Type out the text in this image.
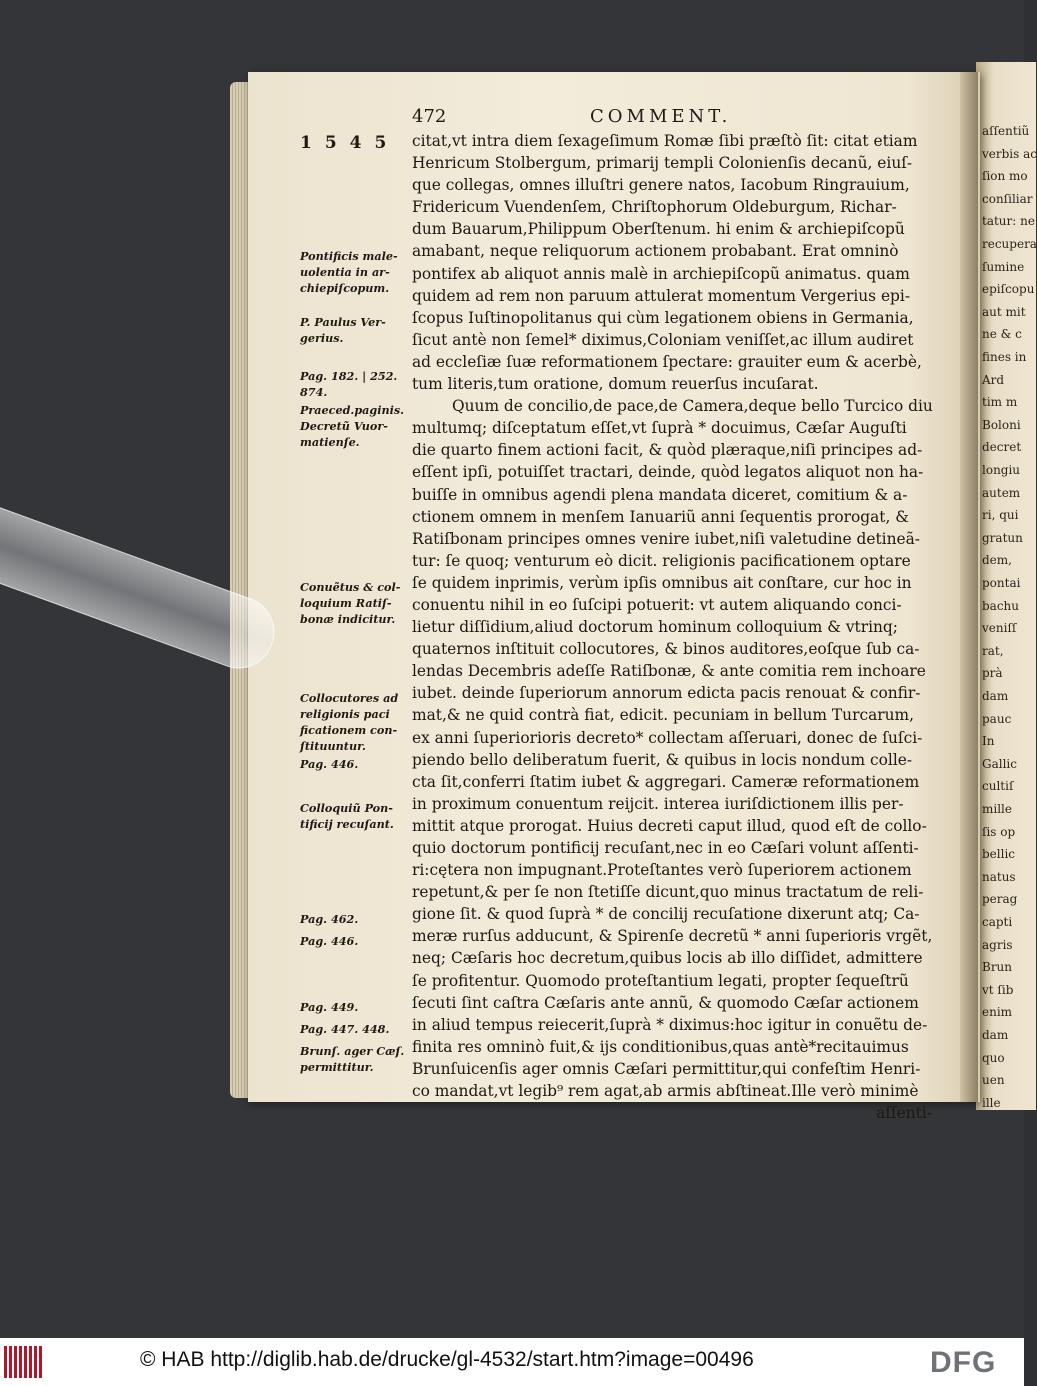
aſſentiũ
verbis ac
ſion mo
conſiliar
tatur: ne
recupera
ſumine
epiſcopu
aut mit
ne & c
fines in
Ard
tim m
Boloni
decret
longiu
autem
ri, qui
gratun
dem,
pontai
bachu
veniſſ
rat,
prà
dam
pauc
In
Gallic
cultiſ
mille
ſis op
bellic
natus
perag
capti
agris
Brun
vt ſib
enim
dam
quo
uen
ille
472	COMMENT.
1545 citat,vt intra diem ſexageſimum Romæ ſibi præſtò ſit: citat etiam
Henricum Stolbergum, primarij templi Colonienſis decanũ, eiuſ-
que collegas, omnes illuſtri genere natos, Iacobum Ringrauium,
Fridericum Vuendenſem, Chriſtophorum Oldeburgum, Richar-
dum Bauarum,Philippum Oberſtenum. hi enim & archiepiſcopũ
amabant, neque reliquorum actionem probabant. Erat omninò
pontifex ab aliquot annis malè in archiepiſcopũ animatus. quam
quidem ad rem non paruum attulerat momentum Vergerius epi-
ſcopus Iuſtinopolitanus qui cùm legationem obiens in Germania,
ſicut antè non ſemel* diximus,Coloniam veniſſet,ac illum audiret
ad eccleſiæ ſuæ reformationem ſpectare: grauiter eum & acerbè,
tum literis,tum oratione, domum reuerſus incuſarat.
Quum de concilio,de pace,de Camera,deque bello Turcico diu
multumq; diſceptatum eſſet,vt ſuprà * docuimus, Cæſar Auguſti
die quarto finem actioni facit, & quòd plæraque,niſi principes ad-
eſſent ipſi, potuiſſet tractari, deinde, quòd legatos aliquot non ha-
buiſſe in omnibus agendi plena mandata diceret, comitium & a-
ctionem omnem in menſem Ianuariũ anni ſequentis prorogat, &
Ratiſbonam principes omnes venire iubet,niſi valetudine detineã-
tur: ſe quoq; venturum eò dicit. religionis pacificationem optare
ſe quidem inprimis, verùm ipſis omnibus ait conſtare, cur hoc in
conuentu nihil in eo ſuſcipi potuerit: vt autem aliquando conci-
lietur diſſidium,aliud doctorum hominum colloquium & vtrinq;
quaternos inſtituit collocutores, & binos auditores,eoſque ſub ca-
lendas Decembris adeſſe Ratiſbonæ, & ante comitia rem inchoare
iubet. deinde ſuperiorum annorum edicta pacis renouat & confir-
mat,& ne quid contrà fiat, edicit. pecuniam in bellum Turcarum,
ex anni ſuperiorioris decreto* collectam aſſeruari, donec de ſuſci-
piendo bello deliberatum fuerit, & quibus in locis nondum colle-
cta ſit,conferri ſtatim iubet & aggregari. Cameræ reformationem
in proximum conuentum reijcit. interea iuriſdictionem illis per-
mittit atque prorogat. Huius decreti caput illud, quod eſt de collo-
quio doctorum pontificij recuſant,nec in eo Cæſari volunt aſſenti-
ri:cętera non impugnant.Proteſtantes verò ſuperiorem actionem
repetunt,& per ſe non ſtetiſſe dicunt,quo minus tractatum de reli-
gione ſit. & quod ſuprà * de concilij recuſatione dixerunt atq; Ca-
meræ rurſus adducunt, & Spirenſe decretũ * anni ſuperioris vrgẽt,
neq; Cæſaris hoc decretum,quibus locis ab illo diſſidet, admittere
ſe profitentur. Quomodo proteſtantium legati, propter ſequeſtrũ
ſecuti ſint caſtra Cæſaris ante annũ, & quomodo Cæſar actionem
in aliud tempus reiecerit,ſuprà * diximus:hoc igitur in conuẽtu de-
finita res omninò fuit,& ijs conditionibus,quas antè*recitauimus
Brunſuicenſis ager omnis Cæſari permittitur,qui confeſtim Henri-
co mandat,vt legib⁹ rem agat,ab armis abſtineat.Ille verò minimè
aſſenti-
Pontificis male-
uolentia in ar-
chiepiſcopum.
P. Paulus Ver-
gerius.
Pag. 182. | 252.
874.
Praeced.paginis.
Decretũ Vuor-
matienſe.
Conuẽtus & col-
loquium Ratiſ-
bonæ indicitur.
Collocutores ad
religionis paci
ficationem con-
ſtituuntur.
Pag. 446.
Colloquiũ Pon-
tificij recuſant.
Pag. 462.
Pag. 446.
Pag. 449.
Pag. 447. 448.
Brunſ. ager Cæſ.
permittitur.
© HAB http://diglib.hab.de/drucke/gl-4532/start.htm?image=00496	DFG
